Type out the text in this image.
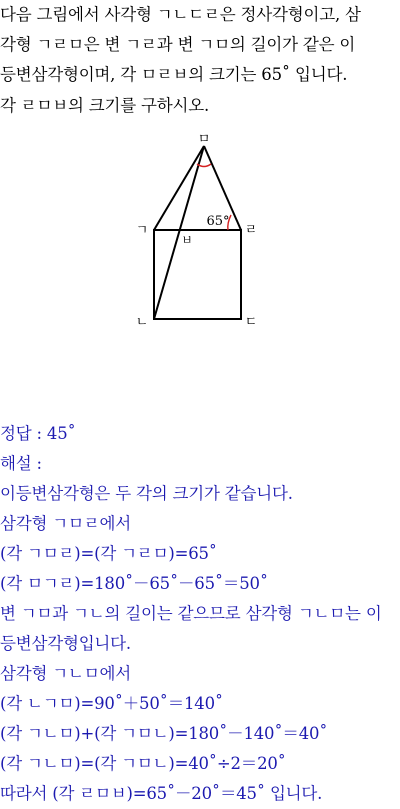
다음 그림에서 사각형 ㄱㄴㄷㄹ은 정사각형이고, 삼

각형 ㄱㄹㅁ은 변 ㄱㄹ과 변 ㄱㅁ의 길이가 같은 이

등변삼각형이며, 각 ㅁㄹㅂ의 크기는 65˚ 입니다.

각 ㄹㅁㅂ의 크기를 구하시오.

ㅁ
ㄱ	ㄹ
ㄴ	ㄷ
ㅂ
65°

정답 : 45˚

해설 :

이등변삼각형은 두 각의 크기가 같습니다.

삼각형 ㄱㅁㄹ에서

(각 ㄱㅁㄹ)=(각 ㄱㄹㅁ)=65˚

(각 ㅁㄱㄹ)=180˚－65˚－65˚＝50˚

변 ㄱㅁ과 ㄱㄴ의 길이는 같으므로 삼각형 ㄱㄴㅁ는 이

등변삼각형입니다.

삼각형 ㄱㄴㅁ에서

(각 ㄴㄱㅁ)=90˚＋50˚＝140˚

(각 ㄱㄴㅁ)+(각 ㄱㅁㄴ)=180˚－140˚＝40˚

(각 ㄱㄴㅁ)=(각 ㄱㅁㄴ)=40˚÷2＝20˚

따라서 (각 ㄹㅁㅂ)=65˚－20˚＝45˚ 입니다.
